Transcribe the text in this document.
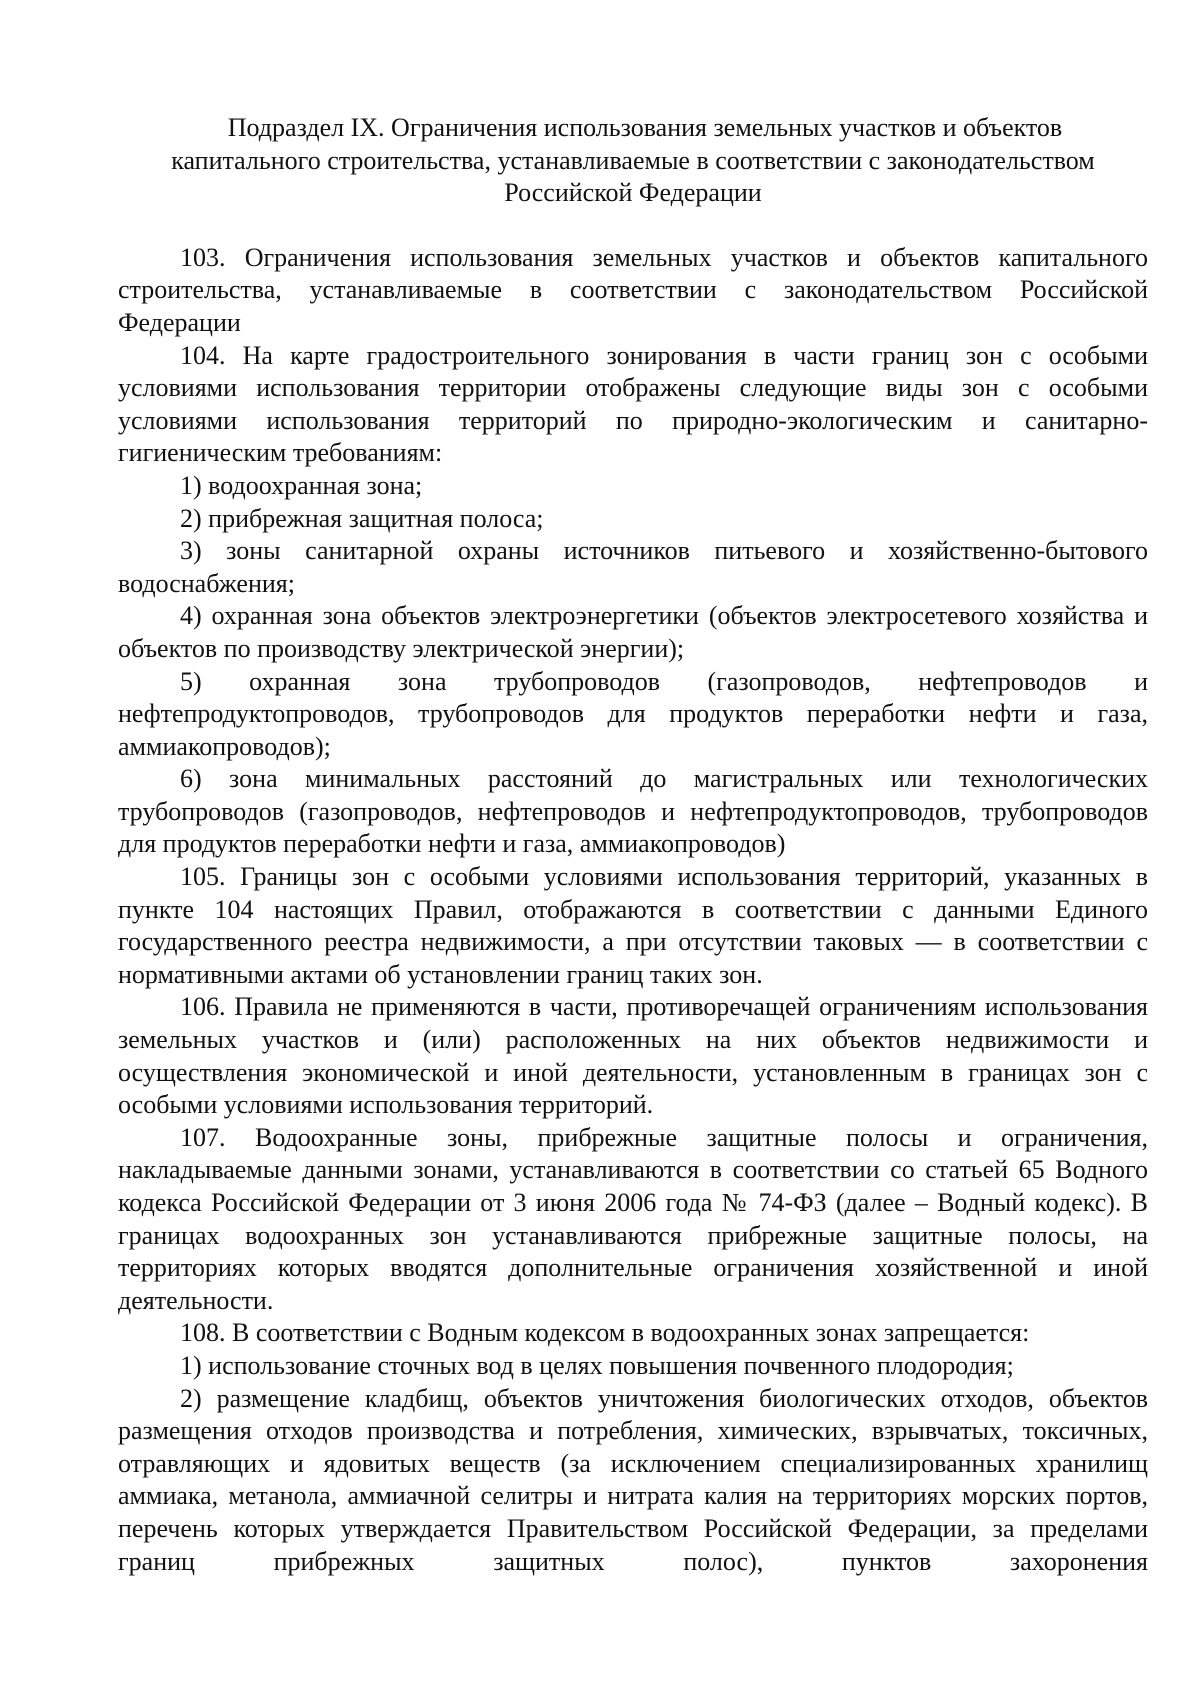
Подраздел IX. Ограничения использования земельных участков и объектов
капитального строительства, устанавливаемые в соответствии с законодательством
Российской Федерации

103. Ограничения использования земельных участков и объектов капитального строительства, устанавливаемые в соответствии с законодательством Российской Федерации

104. На карте градостроительного зонирования в части границ зон с особыми условиями использования территории отображены следующие виды зон с особыми условиями использования территорий по природно-экологическим и санитарно-гигиеническим требованиям:

1) водоохранная зона;

2) прибрежная защитная полоса;

3) зоны санитарной охраны источников питьевого и хозяйственно-бытового водоснабжения;

4) охранная зона объектов электроэнергетики (объектов электросетевого хозяйства и объектов по производству электрической энергии);

5) охранная зона трубопроводов (газопроводов, нефтепроводов и нефтепродуктопроводов, трубопроводов для продуктов переработки нефти и газа, аммиакопроводов);

6) зона минимальных расстояний до магистральных или технологических трубопроводов (газопроводов, нефтепроводов и нефтепродуктопроводов, трубопроводов для продуктов переработки нефти и газа, аммиакопроводов)

105. Границы зон с особыми условиями использования территорий, указанных в пункте 104 настоящих Правил, отображаются в соответствии с данными Единого государственного реестра недвижимости, а при отсутствии таковых — в соответствии с нормативными актами об установлении границ таких зон.

106. Правила не применяются в части, противоречащей ограничениям использования земельных участков и (или) расположенных на них объектов недвижимости и осуществления экономической и иной деятельности, установленным в границах зон с особыми условиями использования территорий.

107. Водоохранные зоны, прибрежные защитные полосы и ограничения, накладываемые данными зонами, устанавливаются в соответствии со статьей 65 Водного кодекса Российской Федерации от 3 июня 2006 года № 74-ФЗ (далее – Водный кодекс). В границах водоохранных зон устанавливаются прибрежные защитные полосы, на территориях которых вводятся дополнительные ограничения хозяйственной и иной деятельности.

108. В соответствии с Водным кодексом в водоохранных зонах запрещается:

1) использование сточных вод в целях повышения почвенного плодородия;

2) размещение кладбищ, объектов уничтожения биологических отходов, объектов размещения отходов производства и потребления, химических, взрывчатых, токсичных, отравляющих и ядовитых веществ (за исключением специализированных хранилищ аммиака, метанола, аммиачной селитры и нитрата калия на территориях морских портов, перечень которых утверждается Правительством Российской Федерации, за пределами границ прибрежных защитных полос), пунктов захоронения
